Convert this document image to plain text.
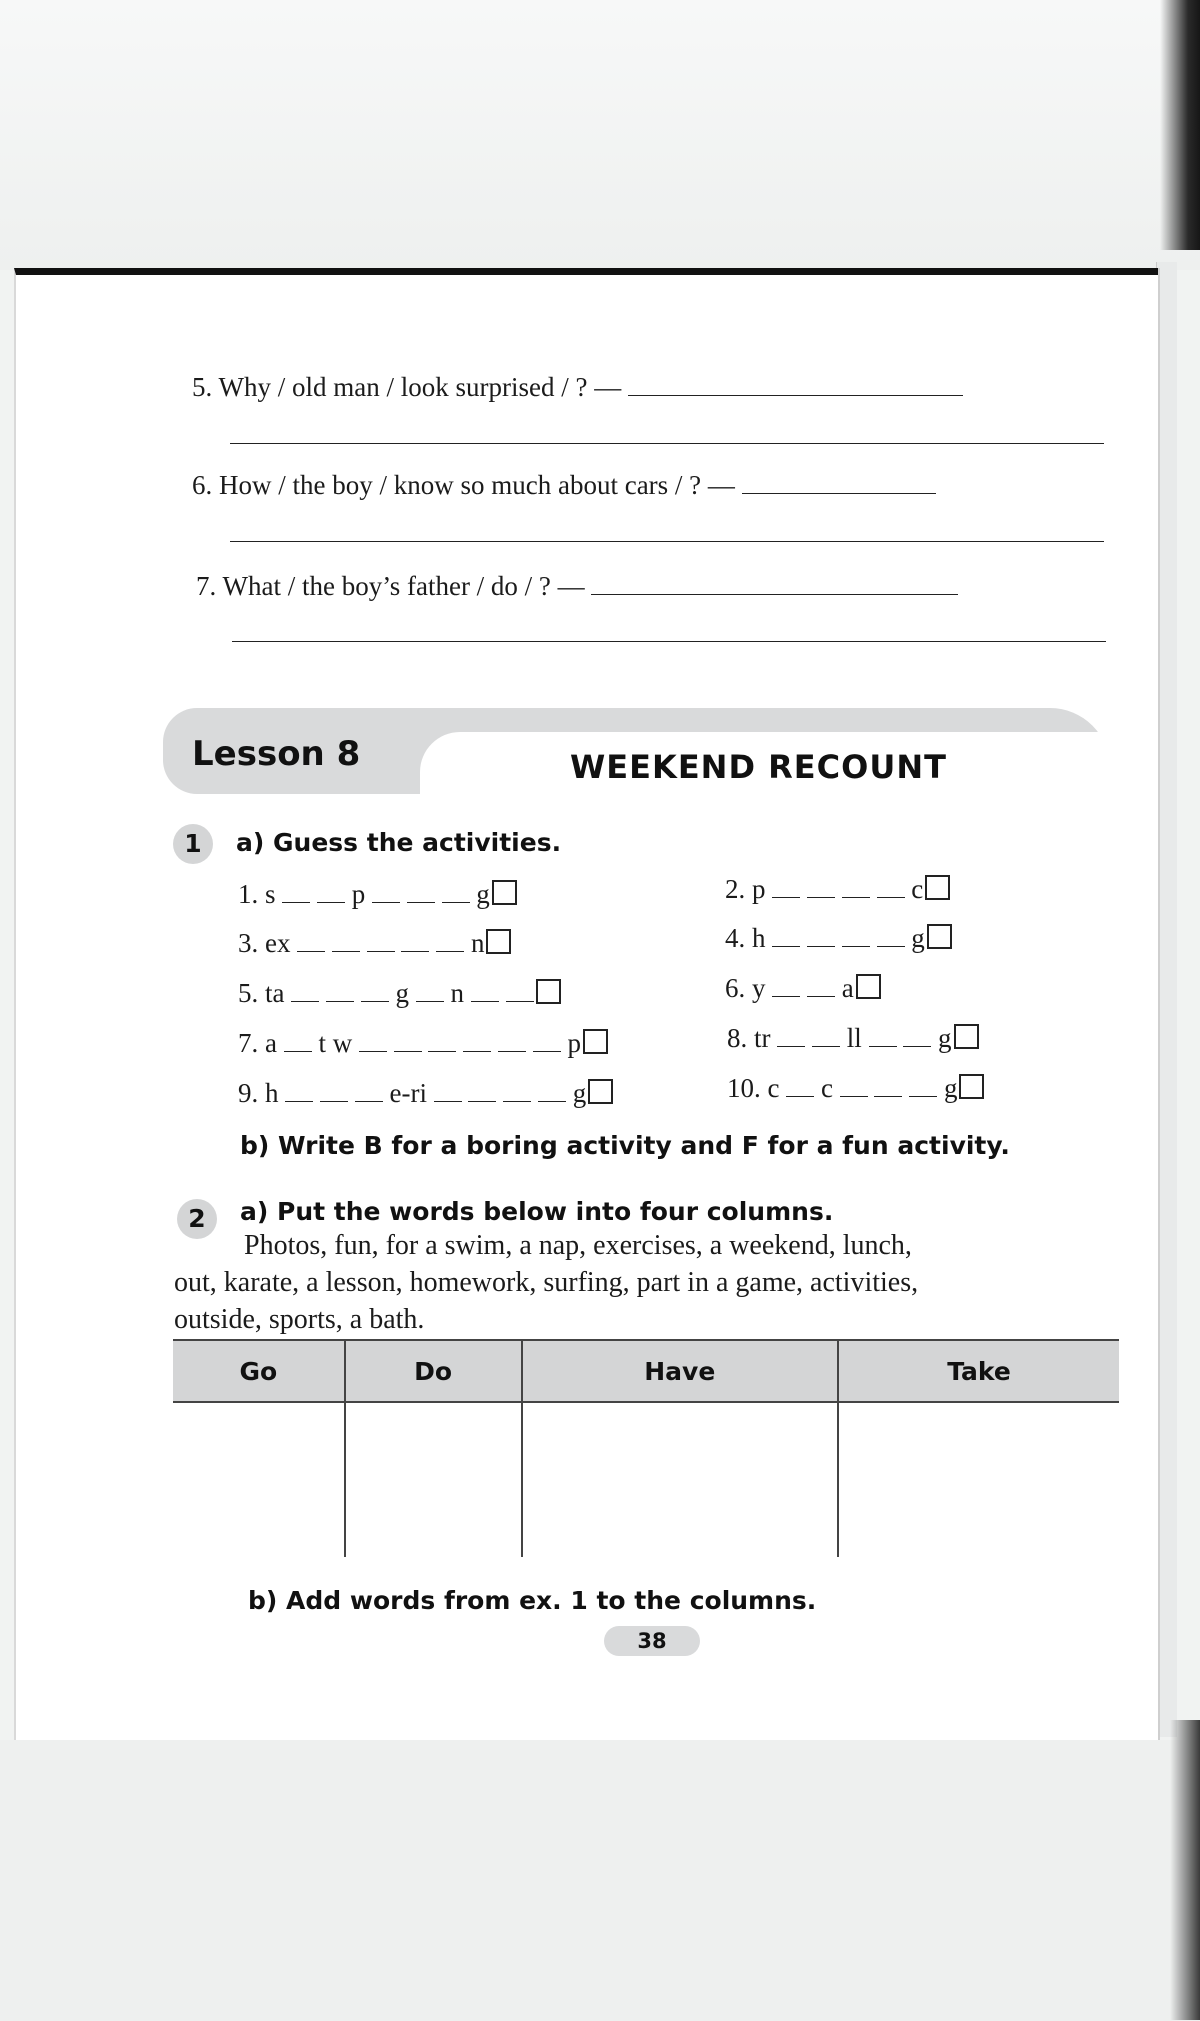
5. Why / old man / look surprised / ? —
6. How / the boy / know so much about cars / ? —
7. What / the boy’s father / do / ? —
Lesson 8	WEEKEND RECOUNT
1	a) Guess the activities.
1. s	p	g	2. p	c
3. ex	n	4. h	g
5. ta	g n	6. y	a
7. a t w	p	8. tr	ll	g
9. h	e-ri	g	10. c c	g
b) Write B for a boring activity and F for a fun activity.
2	a) Put the words below into four columns.
Photos, fun, for a swim, a nap, exercises, a weekend, lunch,
out, karate, a lesson, homework, surfing, part in a game, activities,
outside, sports, a bath.
Go	Do	Have	Take

b) Add words from ex. 1 to the columns.
38
